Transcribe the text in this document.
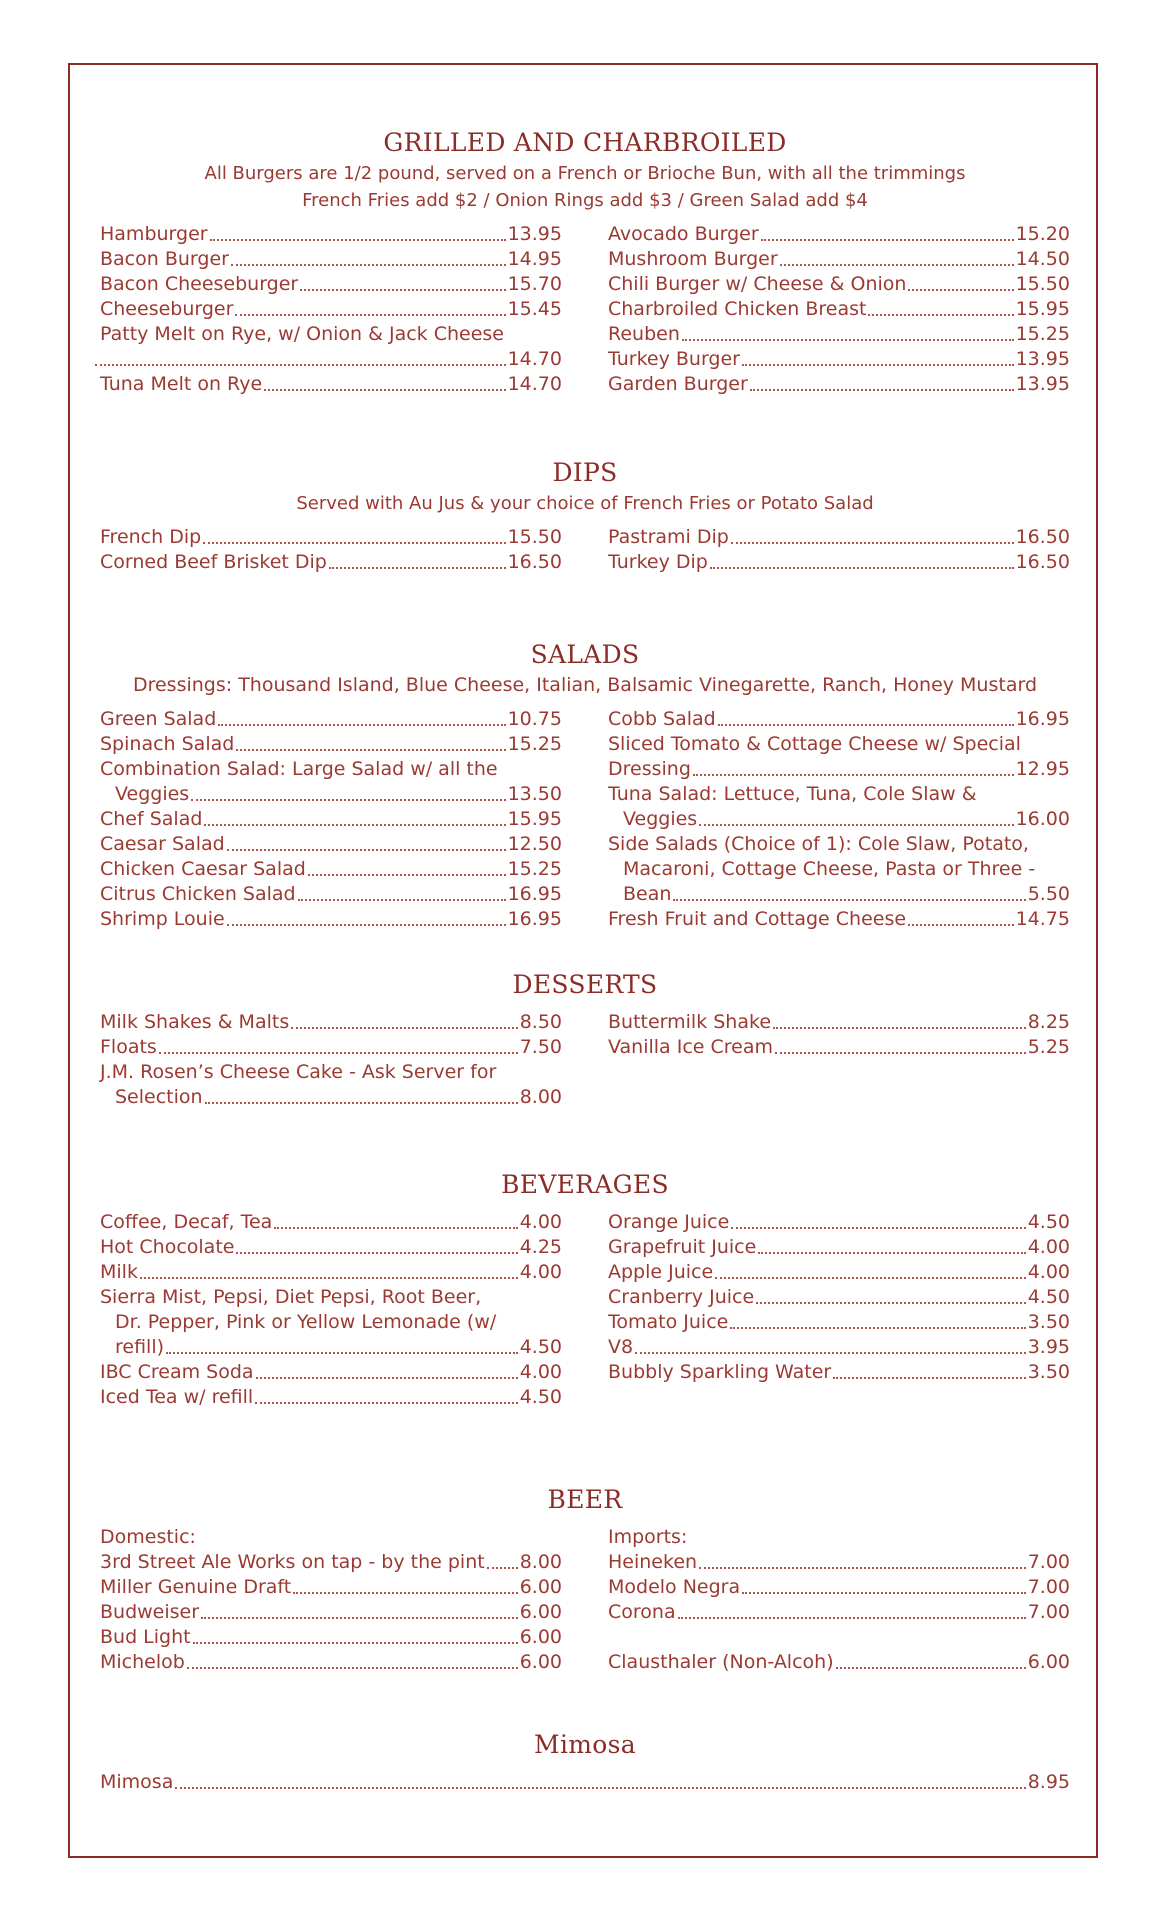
GRILLED AND CHARBROILED
All Burgers are 1/2 pound, served on a French or Brioche Bun, with all the trimmings
French Fries add $2 / Onion Rings add $3 / Green Salad add $4
Hamburger	13.95
Bacon Burger	14.95
Bacon Cheeseburger	15.70
Cheeseburger	15.45
Patty Melt on Rye, w/ Onion & Jack Cheese
14.70
Tuna Melt on Rye	14.70
Avocado Burger	15.20
Mushroom Burger	14.50
Chili Burger w/ Cheese & Onion	15.50
Charbroiled Chicken Breast	15.95
Reuben	15.25
Turkey Burger	13.95
Garden Burger	13.95
DIPS
Served with Au Jus & your choice of French Fries or Potato Salad
French Dip	15.50
Corned Beef Brisket Dip	16.50
Pastrami Dip	16.50
Turkey Dip	16.50
SALADS
Dressings: Thousand Island, Blue Cheese, Italian, Balsamic Vinegarette, Ranch, Honey Mustard
Green Salad	10.75
Spinach Salad	15.25
Combination Salad: Large Salad w/ all the
Veggies	13.50
Chef Salad	15.95
Caesar Salad	12.50
Chicken Caesar Salad	15.25
Citrus Chicken Salad	16.95
Shrimp Louie	16.95
Cobb Salad	16.95
Sliced Tomato & Cottage Cheese w/ Special
Dressing	12.95
Tuna Salad: Lettuce, Tuna, Cole Slaw &
Veggies	16.00
Side Salads (Choice of 1): Cole Slaw, Potato,
Macaroni, Cottage Cheese, Pasta or Three -
Bean	5.50
Fresh Fruit and Cottage Cheese	14.75
DESSERTS
Milk Shakes & Malts	8.50
Floats	7.50
J.M. Rosen’s Cheese Cake - Ask Server for
Selection	8.00
Buttermilk Shake	8.25
Vanilla Ice Cream	5.25
BEVERAGES
Coffee, Decaf, Tea	4.00
Hot Chocolate	4.25
Milk	4.00
Sierra Mist, Pepsi, Diet Pepsi, Root Beer,
Dr. Pepper, Pink or Yellow Lemonade (w/
refill)	4.50
IBC Cream Soda	4.00
Iced Tea w/ refill	4.50
Orange Juice	4.50
Grapefruit Juice	4.00
Apple Juice	4.00
Cranberry Juice	4.50
Tomato Juice	3.50
V8	3.95
Bubbly Sparkling Water	3.50
BEER
Domestic:
3rd Street Ale Works on tap - by the pint 8.00
Miller Genuine Draft	6.00
Budweiser	6.00
Bud Light	6.00
Michelob	6.00
Imports:
Heineken	7.00
Modelo Negra	7.00
Corona	7.00
Clausthaler (Non-Alcoh)	6.00
Mimosa
Mimosa	8.95
